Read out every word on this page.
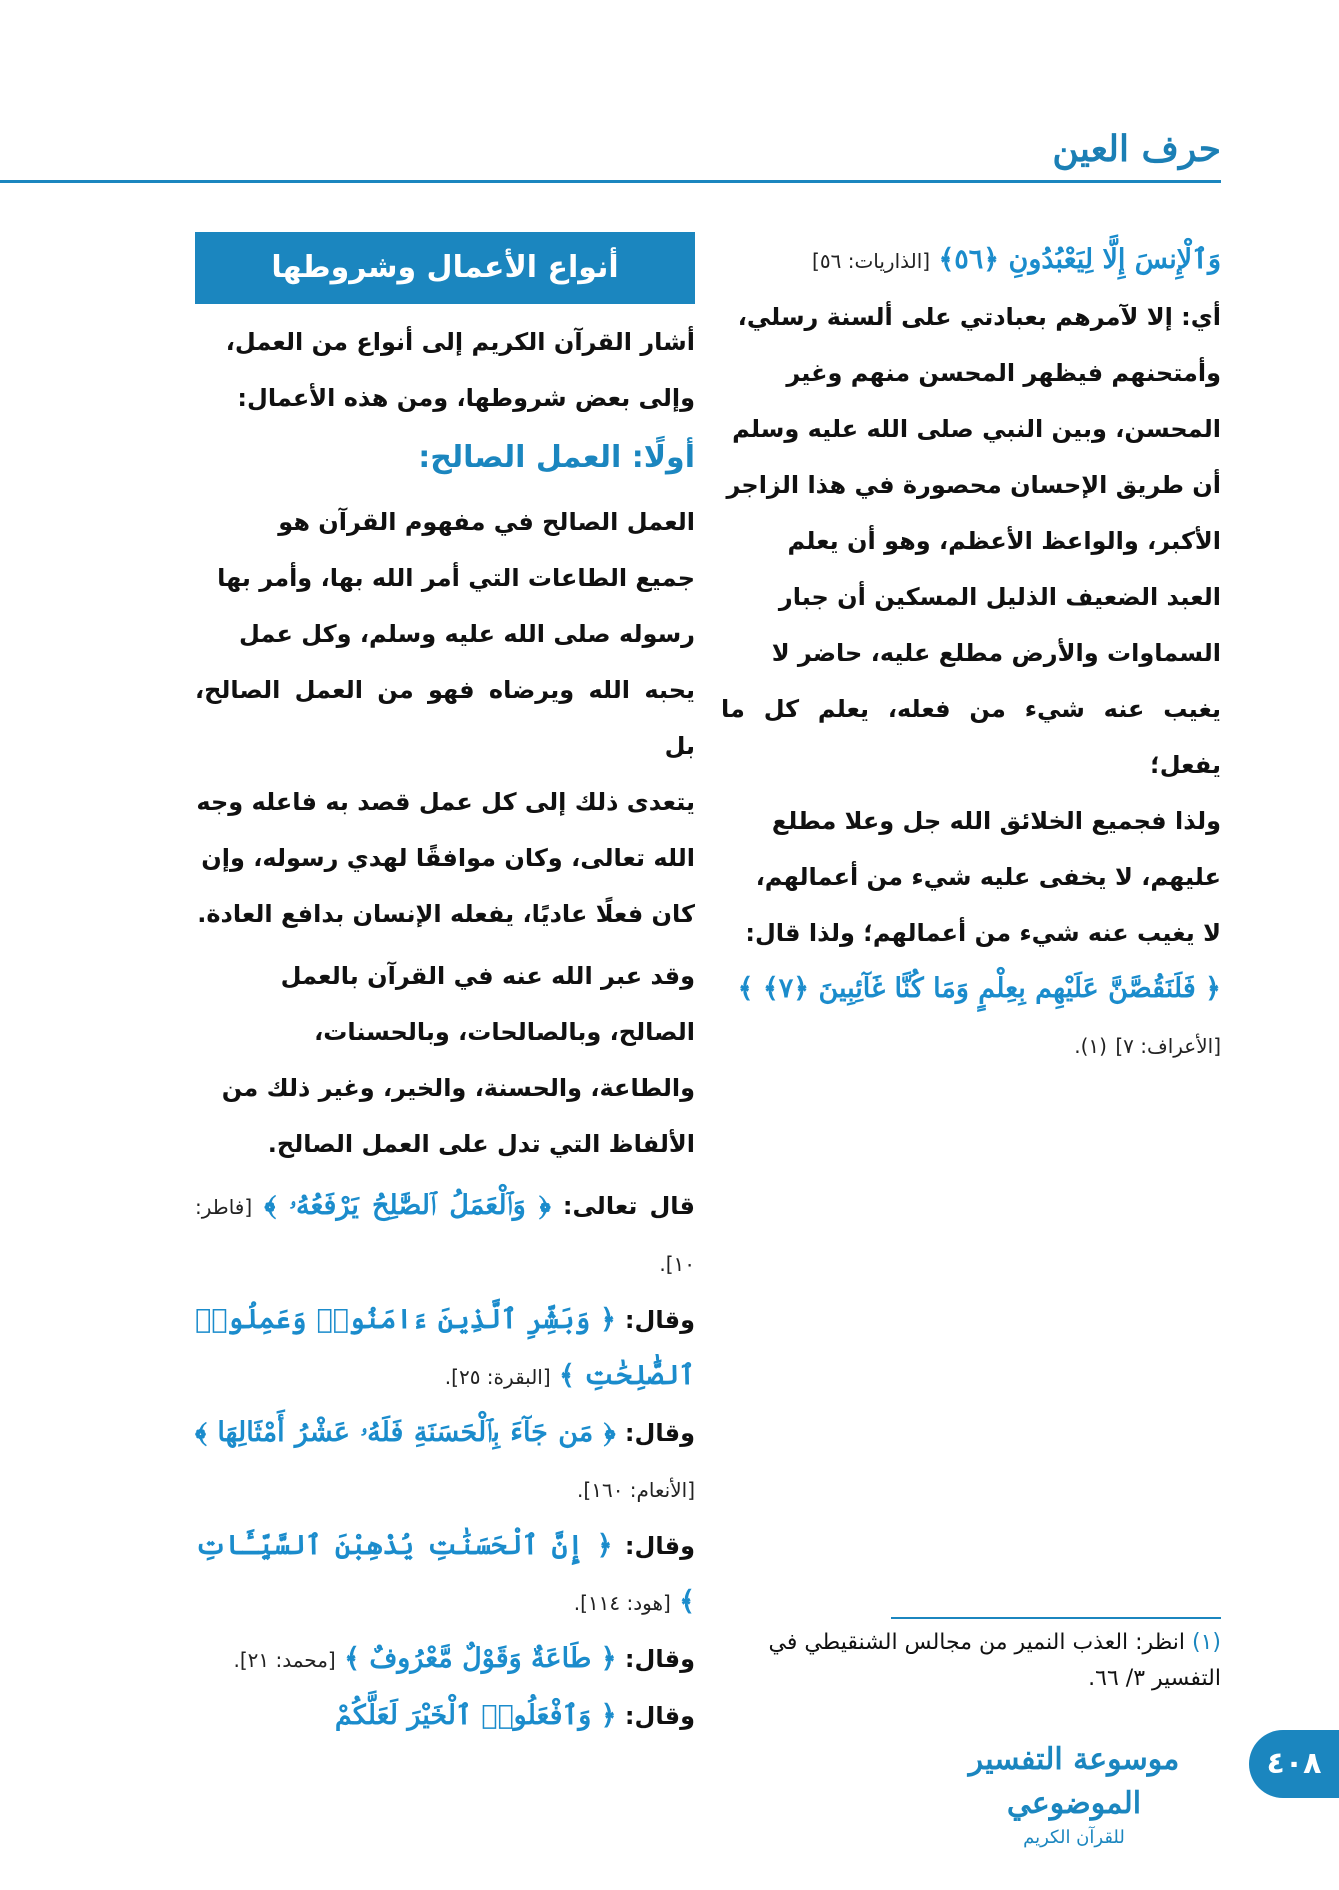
حرف العين
وَٱلْإِنسَ إِلَّا لِيَعْبُدُونِ ﴿٥٦﴾ [الذاريات: ٥٦]
أي: إلا لآمرهم بعبادتي على ألسنة رسلي،
وأمتحنهم فيظهر المحسن منهم وغير
المحسن، وبين النبي صلى الله عليه وسلم
أن طريق الإحسان محصورة في هذا الزاجر
الأكبر، والواعظ الأعظم، وهو أن يعلم
العبد الضعيف الذليل المسكين أن جبار
السماوات والأرض مطلع عليه، حاضر لا
يغيب عنه شيء من فعله، يعلم كل ما يفعل؛
ولذا فجميع الخلائق الله جل وعلا مطلع
عليهم، لا يخفى عليه شيء من أعمالهم،
لا يغيب عنه شيء من أعمالهم؛ ولذا قال:
﴿ فَلَنَقُصَّنَّ عَلَيْهِم بِعِلْمٍ وَمَا كُنَّا غَآئِبِينَ ﴿٧﴾ ﴾
[الأعراف: ٧] (١).
أنواع الأعمال وشروطها
أشار القرآن الكريم إلى أنواع من العمل،
وإلى بعض شروطها، ومن هذه الأعمال:
أولًا: العمل الصالح:
العمل الصالح في مفهوم القرآن هو
جميع الطاعات التي أمر الله بها، وأمر بها
رسوله صلى الله عليه وسلم، وكل عمل
يحبه الله ويرضاه فهو من العمل الصالح، بل
يتعدى ذلك إلى كل عمل قصد به فاعله وجه
الله تعالى، وكان موافقًا لهدي رسوله، وإن
كان فعلًا عاديًا، يفعله الإنسان بدافع العادة.
وقد عبر الله عنه في القرآن بالعمل
الصالح، وبالصالحات، وبالحسنات،
والطاعة، والحسنة، والخير، وغير ذلك من
الألفاظ التي تدل على العمل الصالح.
قال تعالى: ﴿ وَٱلْعَمَلُ ٱلصَّٰلِحُ يَرْفَعُهُۥ ﴾ [فاطر: ١٠].
وقال: ﴿ وَبَشِّرِ ٱلَّذِينَ ءَامَنُوا۟ وَعَمِلُوا۟ ٱلصَّٰلِحَٰتِ ﴾ [البقرة: ٢٥].
وقال: ﴿ مَن جَآءَ بِٱلْحَسَنَةِ فَلَهُۥ عَشْرُ أَمْثَالِهَا ﴾ [الأنعام: ١٦٠].
وقال: ﴿ إِنَّ ٱلْحَسَنَٰتِ يُذْهِبْنَ ٱلسَّيِّـَٔاتِ ﴾ [هود: ١١٤].
وقال: ﴿ طَاعَةٌ وَقَوْلٌ مَّعْرُوفٌ ﴾ [محمد: ٢١].
وقال: ﴿ وَٱفْعَلُوا۟ ٱلْخَيْرَ لَعَلَّكُمْ
(١) انظر: العذب النمير من مجالس الشنقيطي في التفسير ٣/ ٦٦.
موسوعة التفسير الموضوعي
للقرآن الكريم
٤٠٨
